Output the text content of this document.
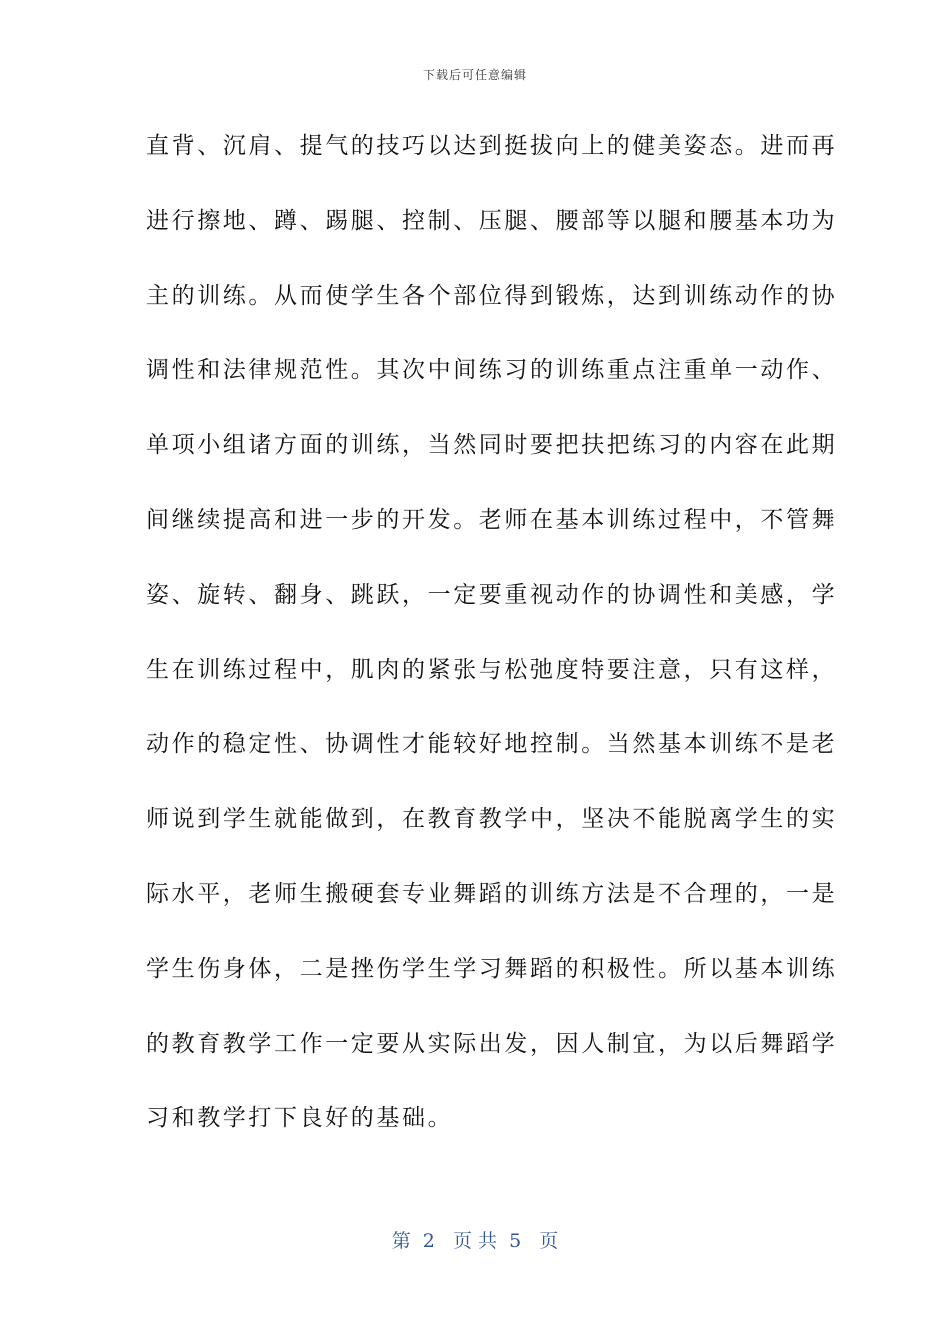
下载后可任意编辑
直背、沉肩、提气的技巧以达到挺拔向上的健美姿态。进而再
进行擦地、蹲、踢腿、控制、压腿、腰部等以腿和腰基本功为
主的训练。从而使学生各个部位得到锻炼，达到训练动作的协
调性和法律规范性。其次中间练习的训练重点注重单一动作、
单项小组诸方面的训练，当然同时要把扶把练习的内容在此期
间继续提高和进一步的开发。老师在基本训练过程中，不管舞
姿、旋转、翻身、跳跃，一定要重视动作的协调性和美感，学
生在训练过程中，肌肉的紧张与松弛度特要注意，只有这样，
动作的稳定性、协调性才能较好地控制。当然基本训练不是老
师说到学生就能做到，在教育教学中，坚决不能脱离学生的实
际水平，老师生搬硬套专业舞蹈的训练方法是不合理的，一是
学生伤身体，二是挫伤学生学习舞蹈的积极性。所以基本训练
的教育教学工作一定要从实际出发，因人制宜，为以后舞蹈学
习和教学打下良好的基础。
第  2   页 共  5   页
